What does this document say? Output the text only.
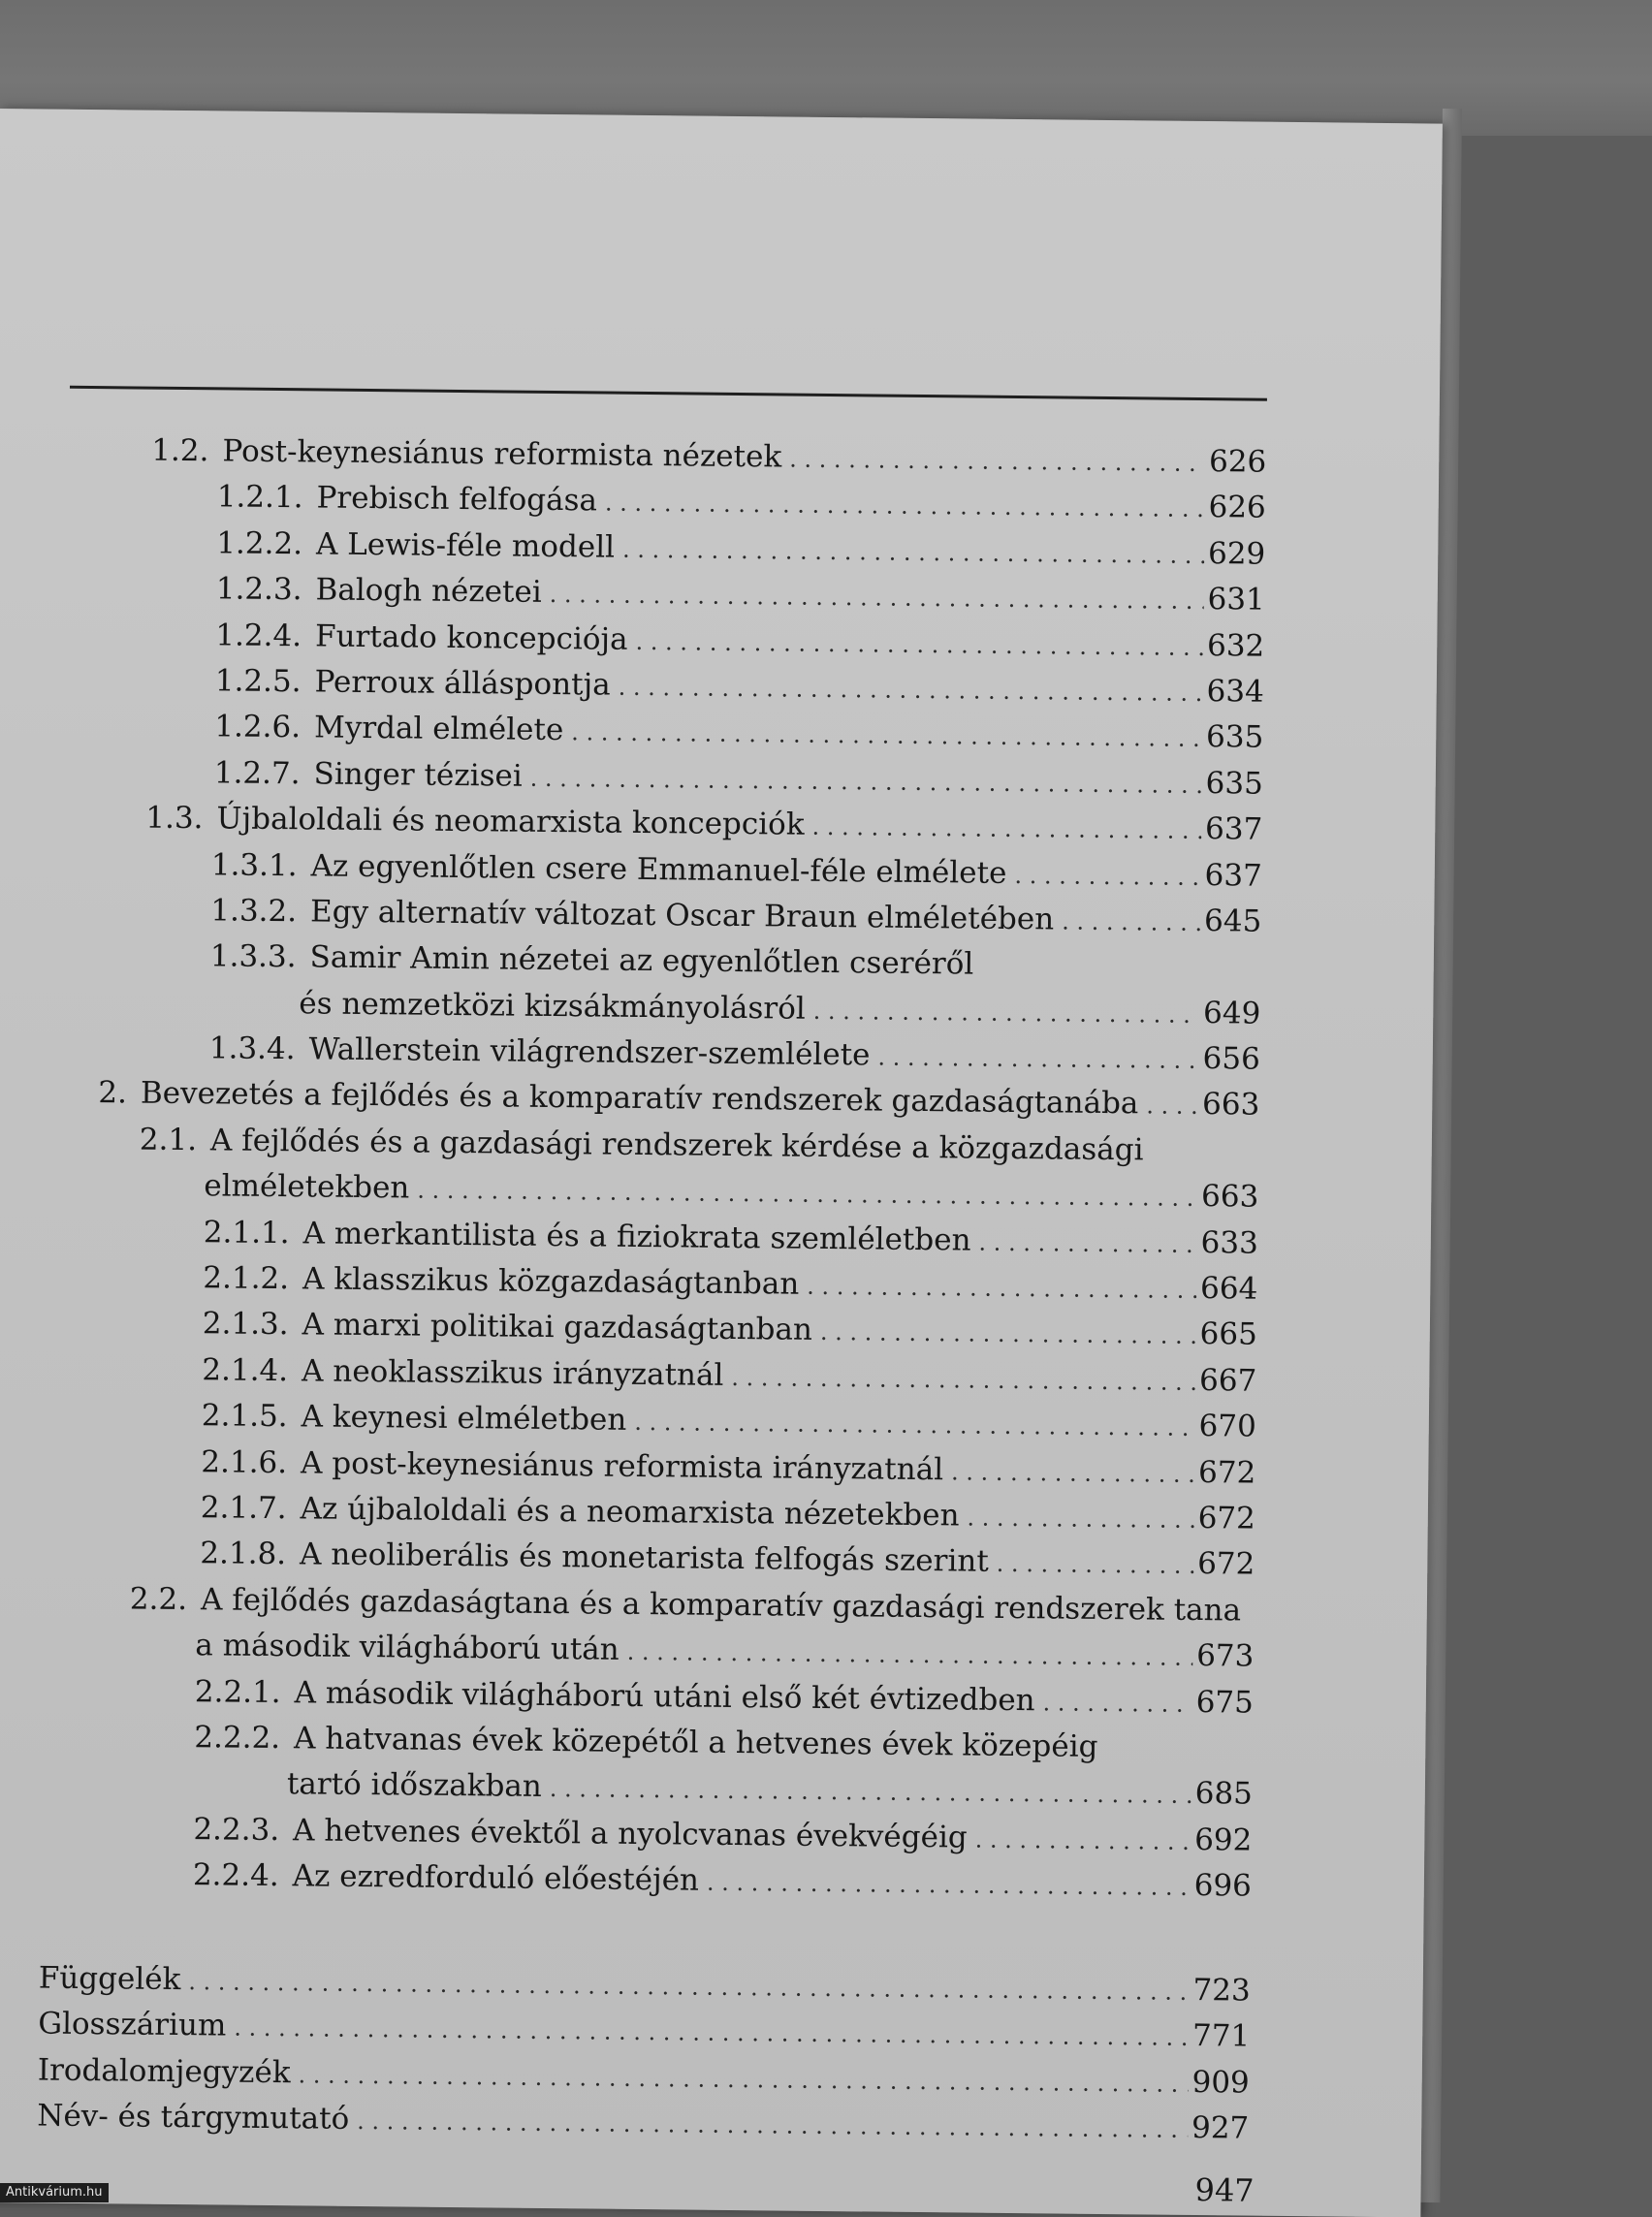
1.2. Post-keynesiánus reformista nézetek . . .	626
1.2.1. Prebisch felfogása . . .	626
1.2.2. A Lewis-féle modell . . .	629
1.2.3. Balogh nézetei . . .	631
1.2.4. Furtado koncepciója . . .	632
1.2.5. Perroux álláspontja . . .	634
1.2.6. Myrdal elmélete . . .	635
1.2.7. Singer tézisei . . .	635
1.3. Újbaloldali és neomarxista koncepciók . . .	637
1.3.1. Az egyenlőtlen csere Emmanuel-féle elmélete . . .	637
1.3.2. Egy alternatív változat Oscar Braun elméletében . . .	645
1.3.3. Samir Amin nézetei az egyenlőtlen cseréről
és nemzetközi kizsákmányolásról . . .	649
1.3.4. Wallerstein világrendszer-szemlélete . . .	656
2. Bevezetés a fejlődés és a komparatív rendszerek gazdaságtanába . . . 663
2.1. A fejlődés és a gazdasági rendszerek kérdése a közgazdasági
elméletekben . . .	663
2.1.1. A merkantilista és a fiziokrata szemléletben . . .	633
2.1.2. A klasszikus közgazdaságtanban . . .	664
2.1.3. A marxi politikai gazdaságtanban . . .	665
2.1.4. A neoklasszikus irányzatnál . . .	667
2.1.5. A keynesi elméletben . . .	670
2.1.6. A post-keynesiánus reformista irányzatnál . . .	672
2.1.7. Az újbaloldali és a neomarxista nézetekben . . .	672
2.1.8. A neoliberális és monetarista felfogás szerint . . .	672
2.2. A fejlődés gazdaságtana és a komparatív gazdasági rendszerek tana
a második világháború után . . .	673
2.2.1. A második világháború utáni első két évtizedben . . .	675
2.2.2. A hatvanas évek közepétől a hetvenes évek közepéig
tartó időszakban . . .	685
2.2.3. A hetvenes évektől a nyolcvanas évekvégéig . . .	692
2.2.4. Az ezredforduló előestéjén . . .	696
Függelék . . .	723
Glosszárium . . .	771
Irodalomjegyzék . . .	909
Név- és tárgymutató . . .	927
947
Antikvárium.hu
